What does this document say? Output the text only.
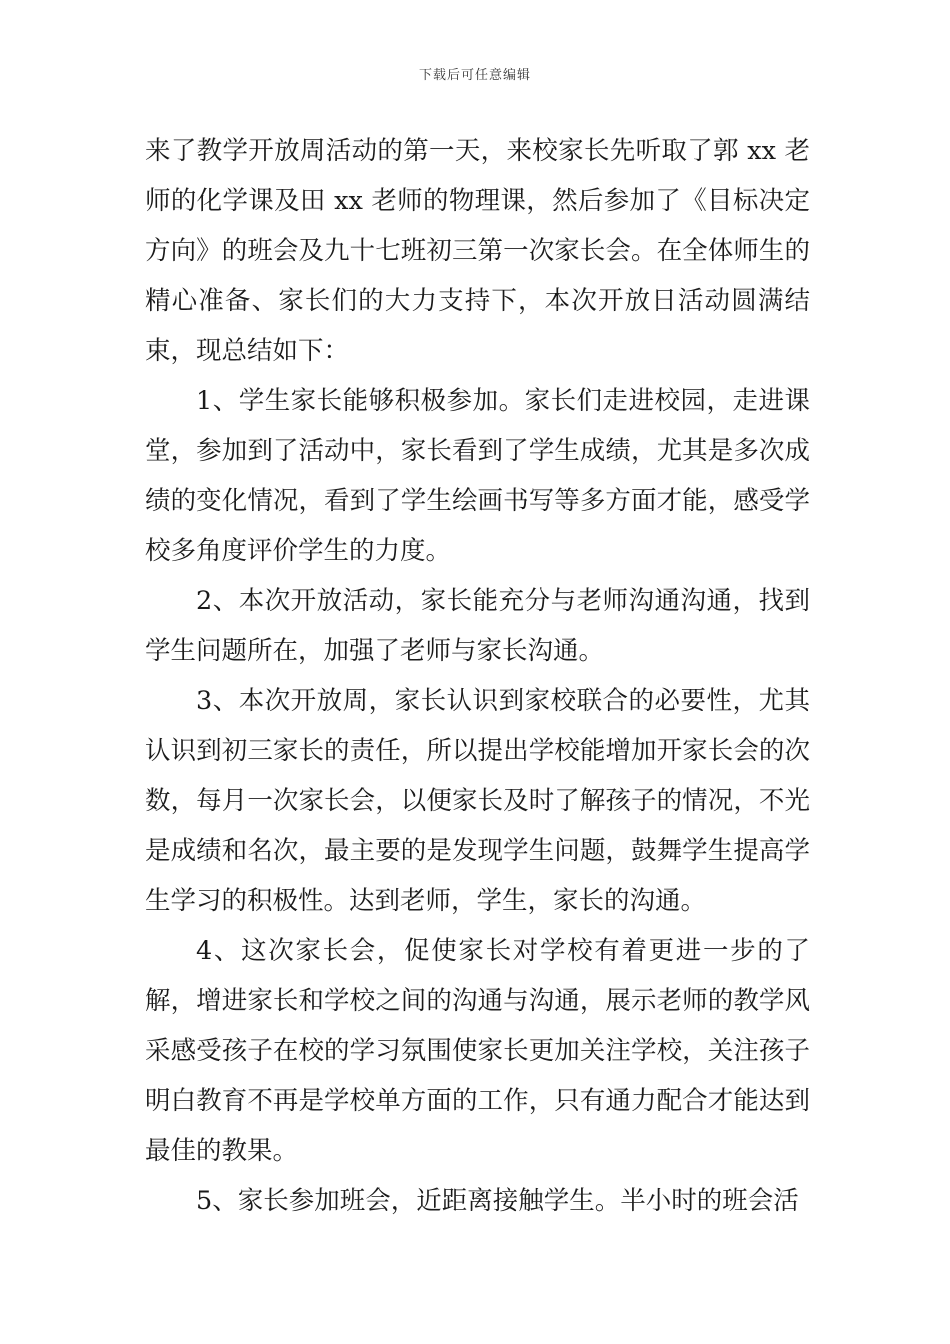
下载后可任意编辑

来了教学开放周活动的第一天，来校家长先听取了郭 xx 老师的化学课及田 xx 老师的物理课，然后参加了《目标决定方向》的班会及九十七班初三第一次家长会。在全体师生的精心准备、家长们的大力支持下，本次开放日活动圆满结束，现总结如下：

1、学生家长能够积极参加。家长们走进校园，走进课堂，参加到了活动中，家长看到了学生成绩，尤其是多次成绩的变化情况，看到了学生绘画书写等多方面才能，感受学校多角度评价学生的力度。

2、本次开放活动，家长能充分与老师沟通沟通，找到学生问题所在，加强了老师与家长沟通。

3、本次开放周，家长认识到家校联合的必要性，尤其认识到初三家长的责任，所以提出学校能增加开家长会的次数，每月一次家长会，以便家长及时了解孩子的情况，不光是成绩和名次，最主要的是发现学生问题，鼓舞学生提高学生学习的积极性。达到老师，学生，家长的沟通。

4、这次家长会，促使家长对学校有着更进一步的了解，增进家长和学校之间的沟通与沟通，展示老师的教学风采感受孩子在校的学习氛围使家长更加关注学校，关注孩子明白教育不再是学校单方面的工作，只有通力配合才能达到最佳的教果。

5、家长参加班会，近距离接触学生。半小时的班会活
